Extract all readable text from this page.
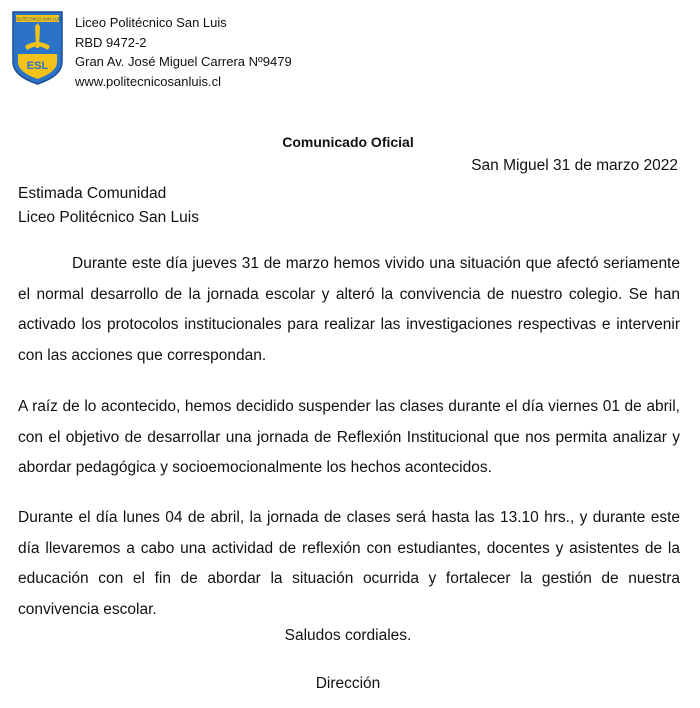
POLITECNICO SAN LUIS
ESL
Liceo Politécnico San Luis
RBD 9472-2
Gran Av. José Miguel Carrera Nº9479
www.politecnicosanluis.cl
Comunicado Oficial
San Miguel 31 de marzo 2022
Estimada Comunidad
Liceo Politécnico San Luis

Durante este día jueves 31 de marzo hemos vivido una situación que afectó seriamente el normal desarrollo de la jornada escolar y alteró la convivencia de nuestro colegio. Se han activado los protocolos institucionales para realizar las investigaciones respectivas e intervenir con las acciones que correspondan.

A raíz de lo acontecido, hemos decidido suspender las clases durante el día viernes 01 de abril, con el objetivo de desarrollar una jornada de Reflexión Institucional que nos permita analizar y abordar pedagógica y socioemocionalmente los hechos acontecidos.

Durante el día lunes 04 de abril, la jornada de clases será hasta las 13.10 hrs., y durante este día llevaremos a cabo una actividad de reflexión con estudiantes, docentes y asistentes de la educación con el fin de abordar la situación ocurrida y fortalecer la gestión de nuestra convivencia escolar.

Saludos cordiales.
Dirección
